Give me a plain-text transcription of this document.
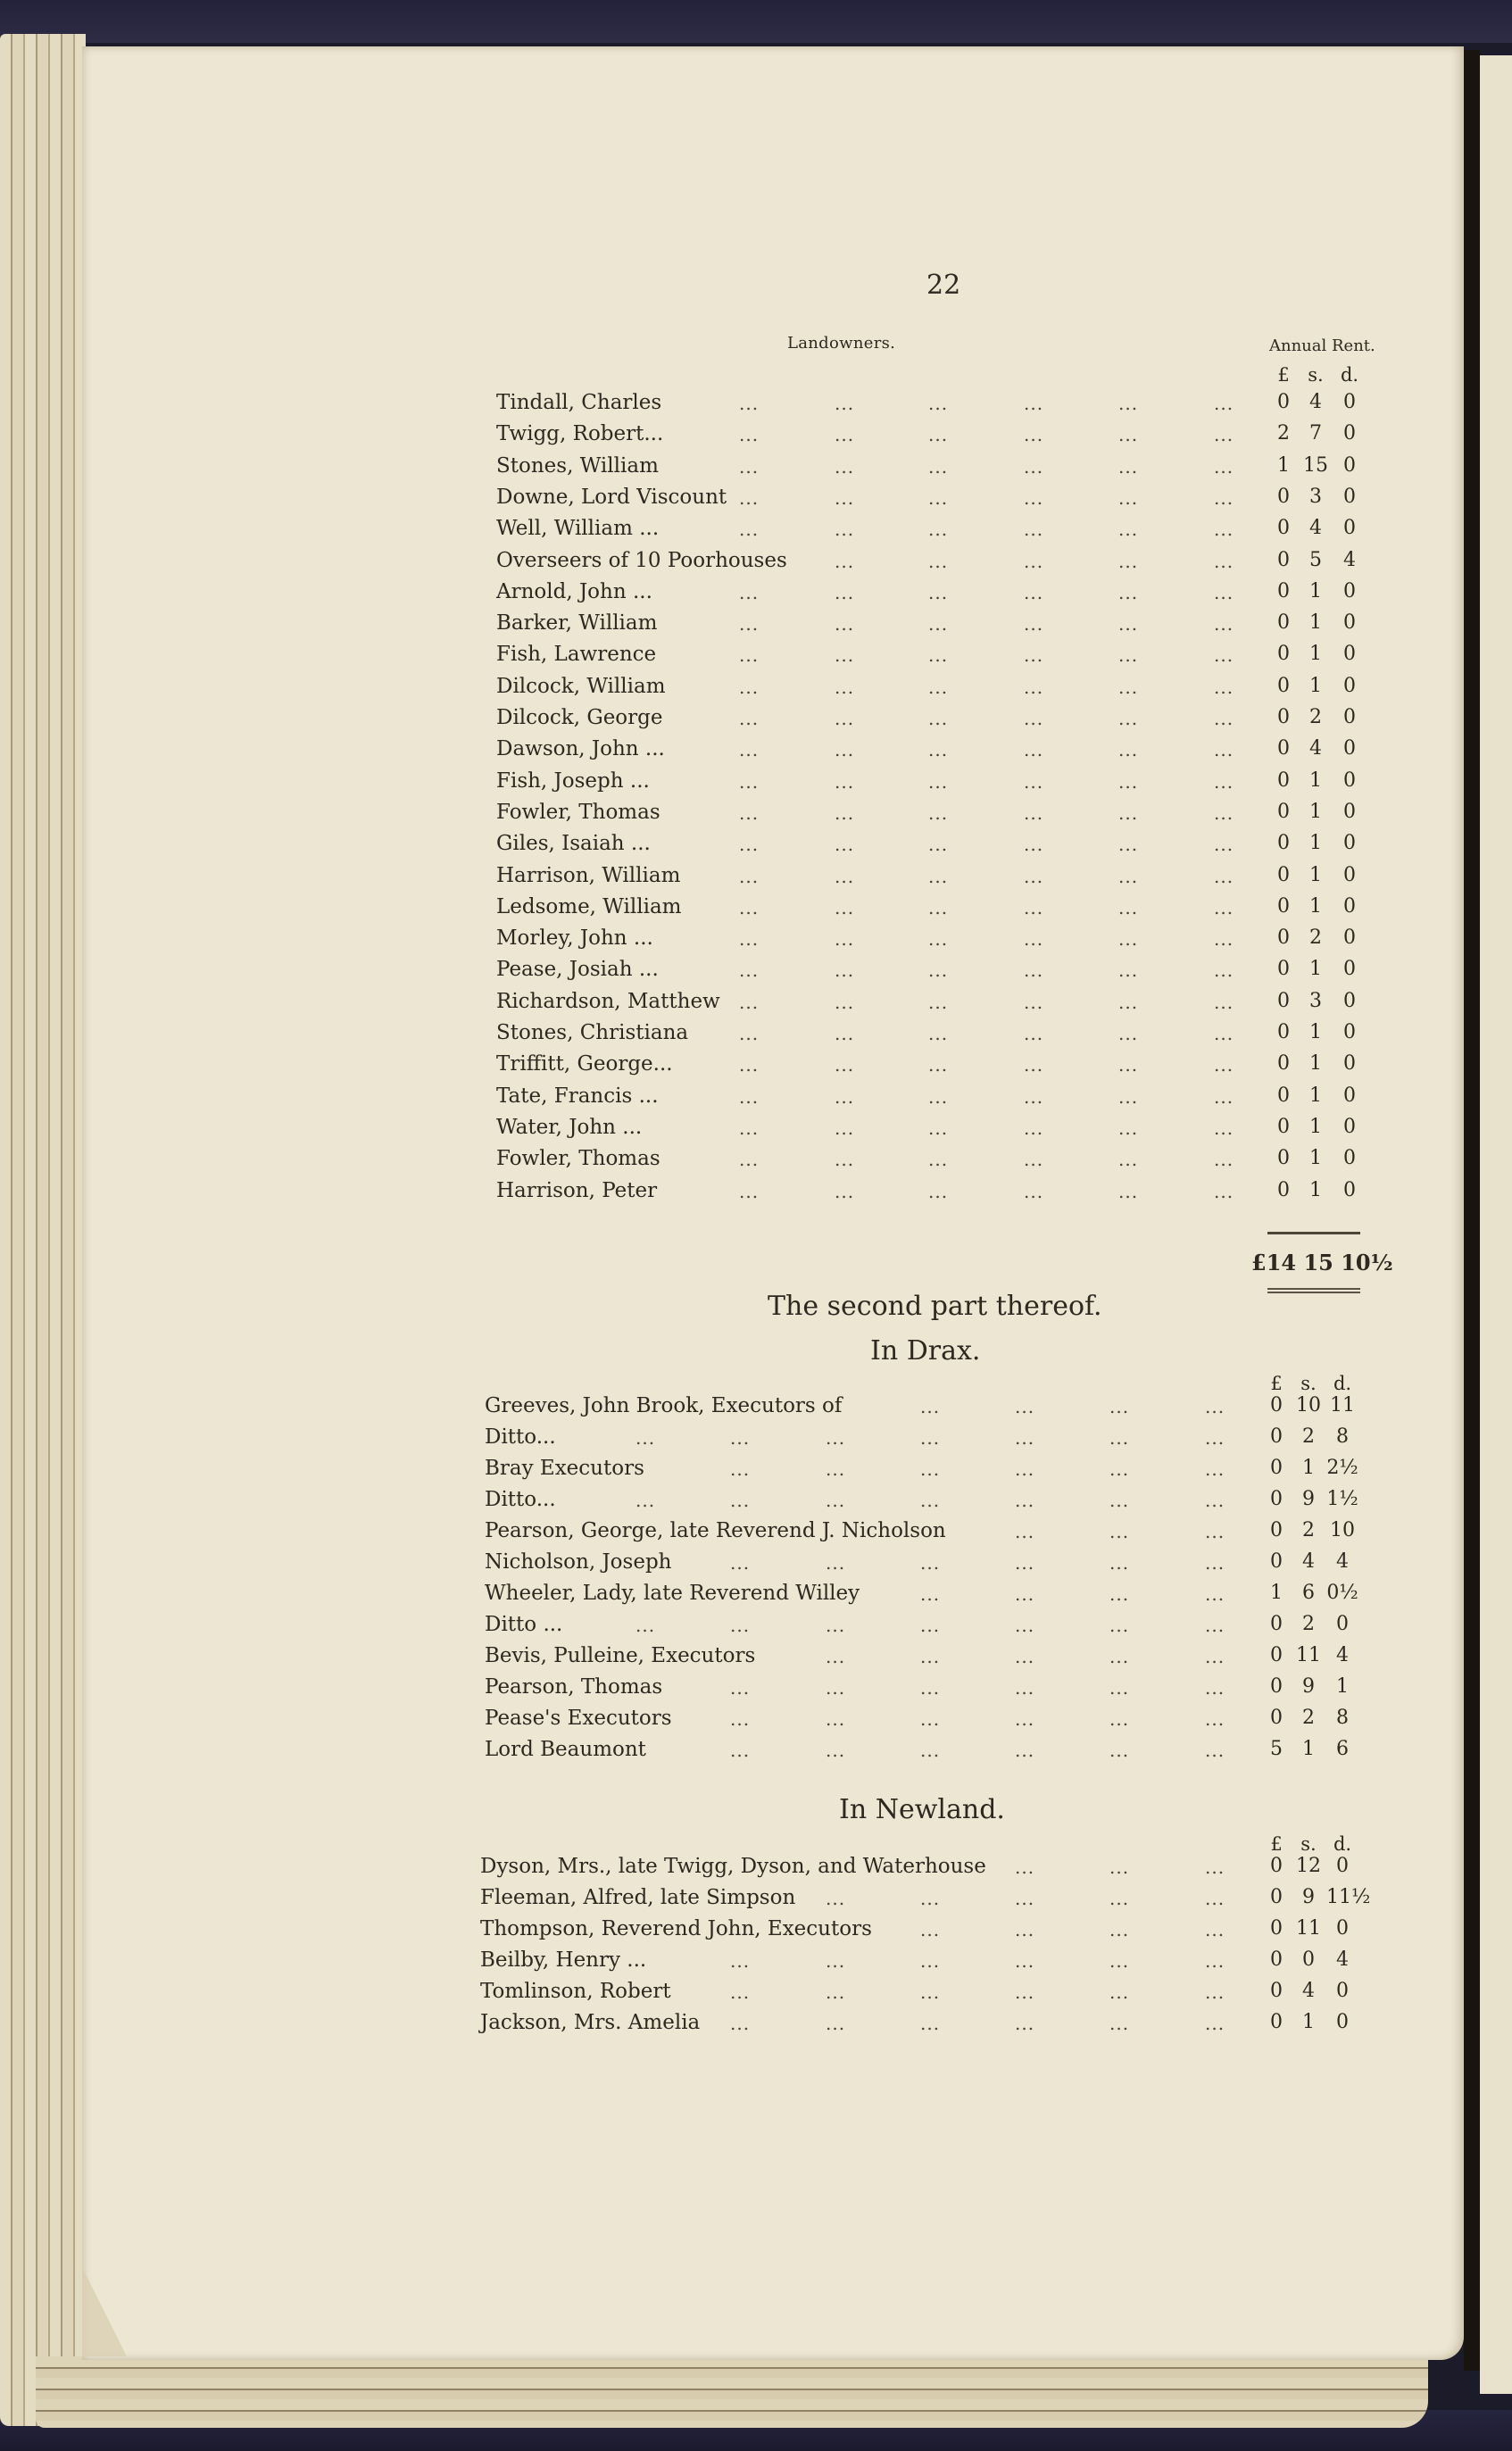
22
Landowners.	Annual Rent.
£ s. d.
Tindall, Charles	...	...	...	...	...	...	0	4	0
Twigg, Robert...	...	...	...	...	...	...	2	7	0
Stones, William	...	...	...	...	...	...	1 15 0
Downe, Lord Viscount ...	...	...	...	...	...	0	3	0
Well, William ...	...	...	...	...	...	...	0	4	0
Overseers of 10 Poorhouses	...	...	...	...	...	0	5	4
Arnold, John ...	...	...	...	...	...	...	0	1	0
Barker, William	...	...	...	...	...	...	0	1	0
Fish, Lawrence	...	...	...	...	...	...	0	1	0
Dilcock, William	...	...	...	...	...	...	0	1	0
Dilcock, George	...	...	...	...	...	...	0	2	0
Dawson, John ...	...	...	...	...	...	...	0	4	0
Fish, Joseph ...	...	...	...	...	...	...	0	1	0
Fowler, Thomas	...	...	...	...	...	...	0	1	0
Giles, Isaiah ...	...	...	...	...	...	...	0	1	0
Harrison, William	...	...	...	...	...	...	0	1	0
Ledsome, William	...	...	...	...	...	...	0	1	0
Morley, John ...	...	...	...	...	...	...	0	2	0
Pease, Josiah ...	...	...	...	...	...	...	0	1	0
Richardson, Matthew ...	...	...	...	...	...	0	3	0
Stones, Christiana	...	...	...	...	...	...	0	1	0
Triffitt, George...	...	...	...	...	...	...	0	1	0
Tate, Francis ...	...	...	...	...	...	...	0	1	0
Water, John ...	...	...	...	...	...	...	0	1	0
Fowler, Thomas	...	...	...	...	...	...	0	1	0
Harrison, Peter	...	...	...	...	...	...	0	1	0
£14 15 10½
The second part thereof.
In Drax.
£ s. d.
Greeves, John Brook, Executors of	...	...	...	...	0 10 11
Ditto...	...	...	...	...	...	...	...	0	2	8
Bray Executors	...	...	...	...	...	...	0	1 2½
Ditto...	...	...	...	...	...	...	...	0	9 1½
Pearson, George, late Reverend J. Nicholson	...	...	...	0	2 10
Nicholson, Joseph	...	...	...	...	...	...	0	4	4
Wheeler, Lady, late Reverend Willey	...	...	...	...	1	6 0½
Ditto ...	...	...	...	...	...	...	...	0	2	0
Bevis, Pulleine, Executors	...	...	...	...	...	0 11 4
Pearson, Thomas	...	...	...	...	...	...	0	9	1
Pease's Executors	...	...	...	...	...	...	0	2	8
Lord Beaumont	...	...	...	...	...	...	5	1	6
In Newland.
£ s. d.
Dyson, Mrs., late Twigg, Dyson, and Waterhouse ...	...	...	0 12 0
Fleeman, Alfred, late Simpson ...	...	...	...	...	0	9 11½
Thompson, Reverend John, Executors	...	...	...	...	0 11 0
Beilby, Henry ...	...	...	...	...	...	...	0	0	4
Tomlinson, Robert	...	...	...	...	...	...	0	4	0
Jackson, Mrs. Amelia ...	...	...	...	...	...	0	1	0
